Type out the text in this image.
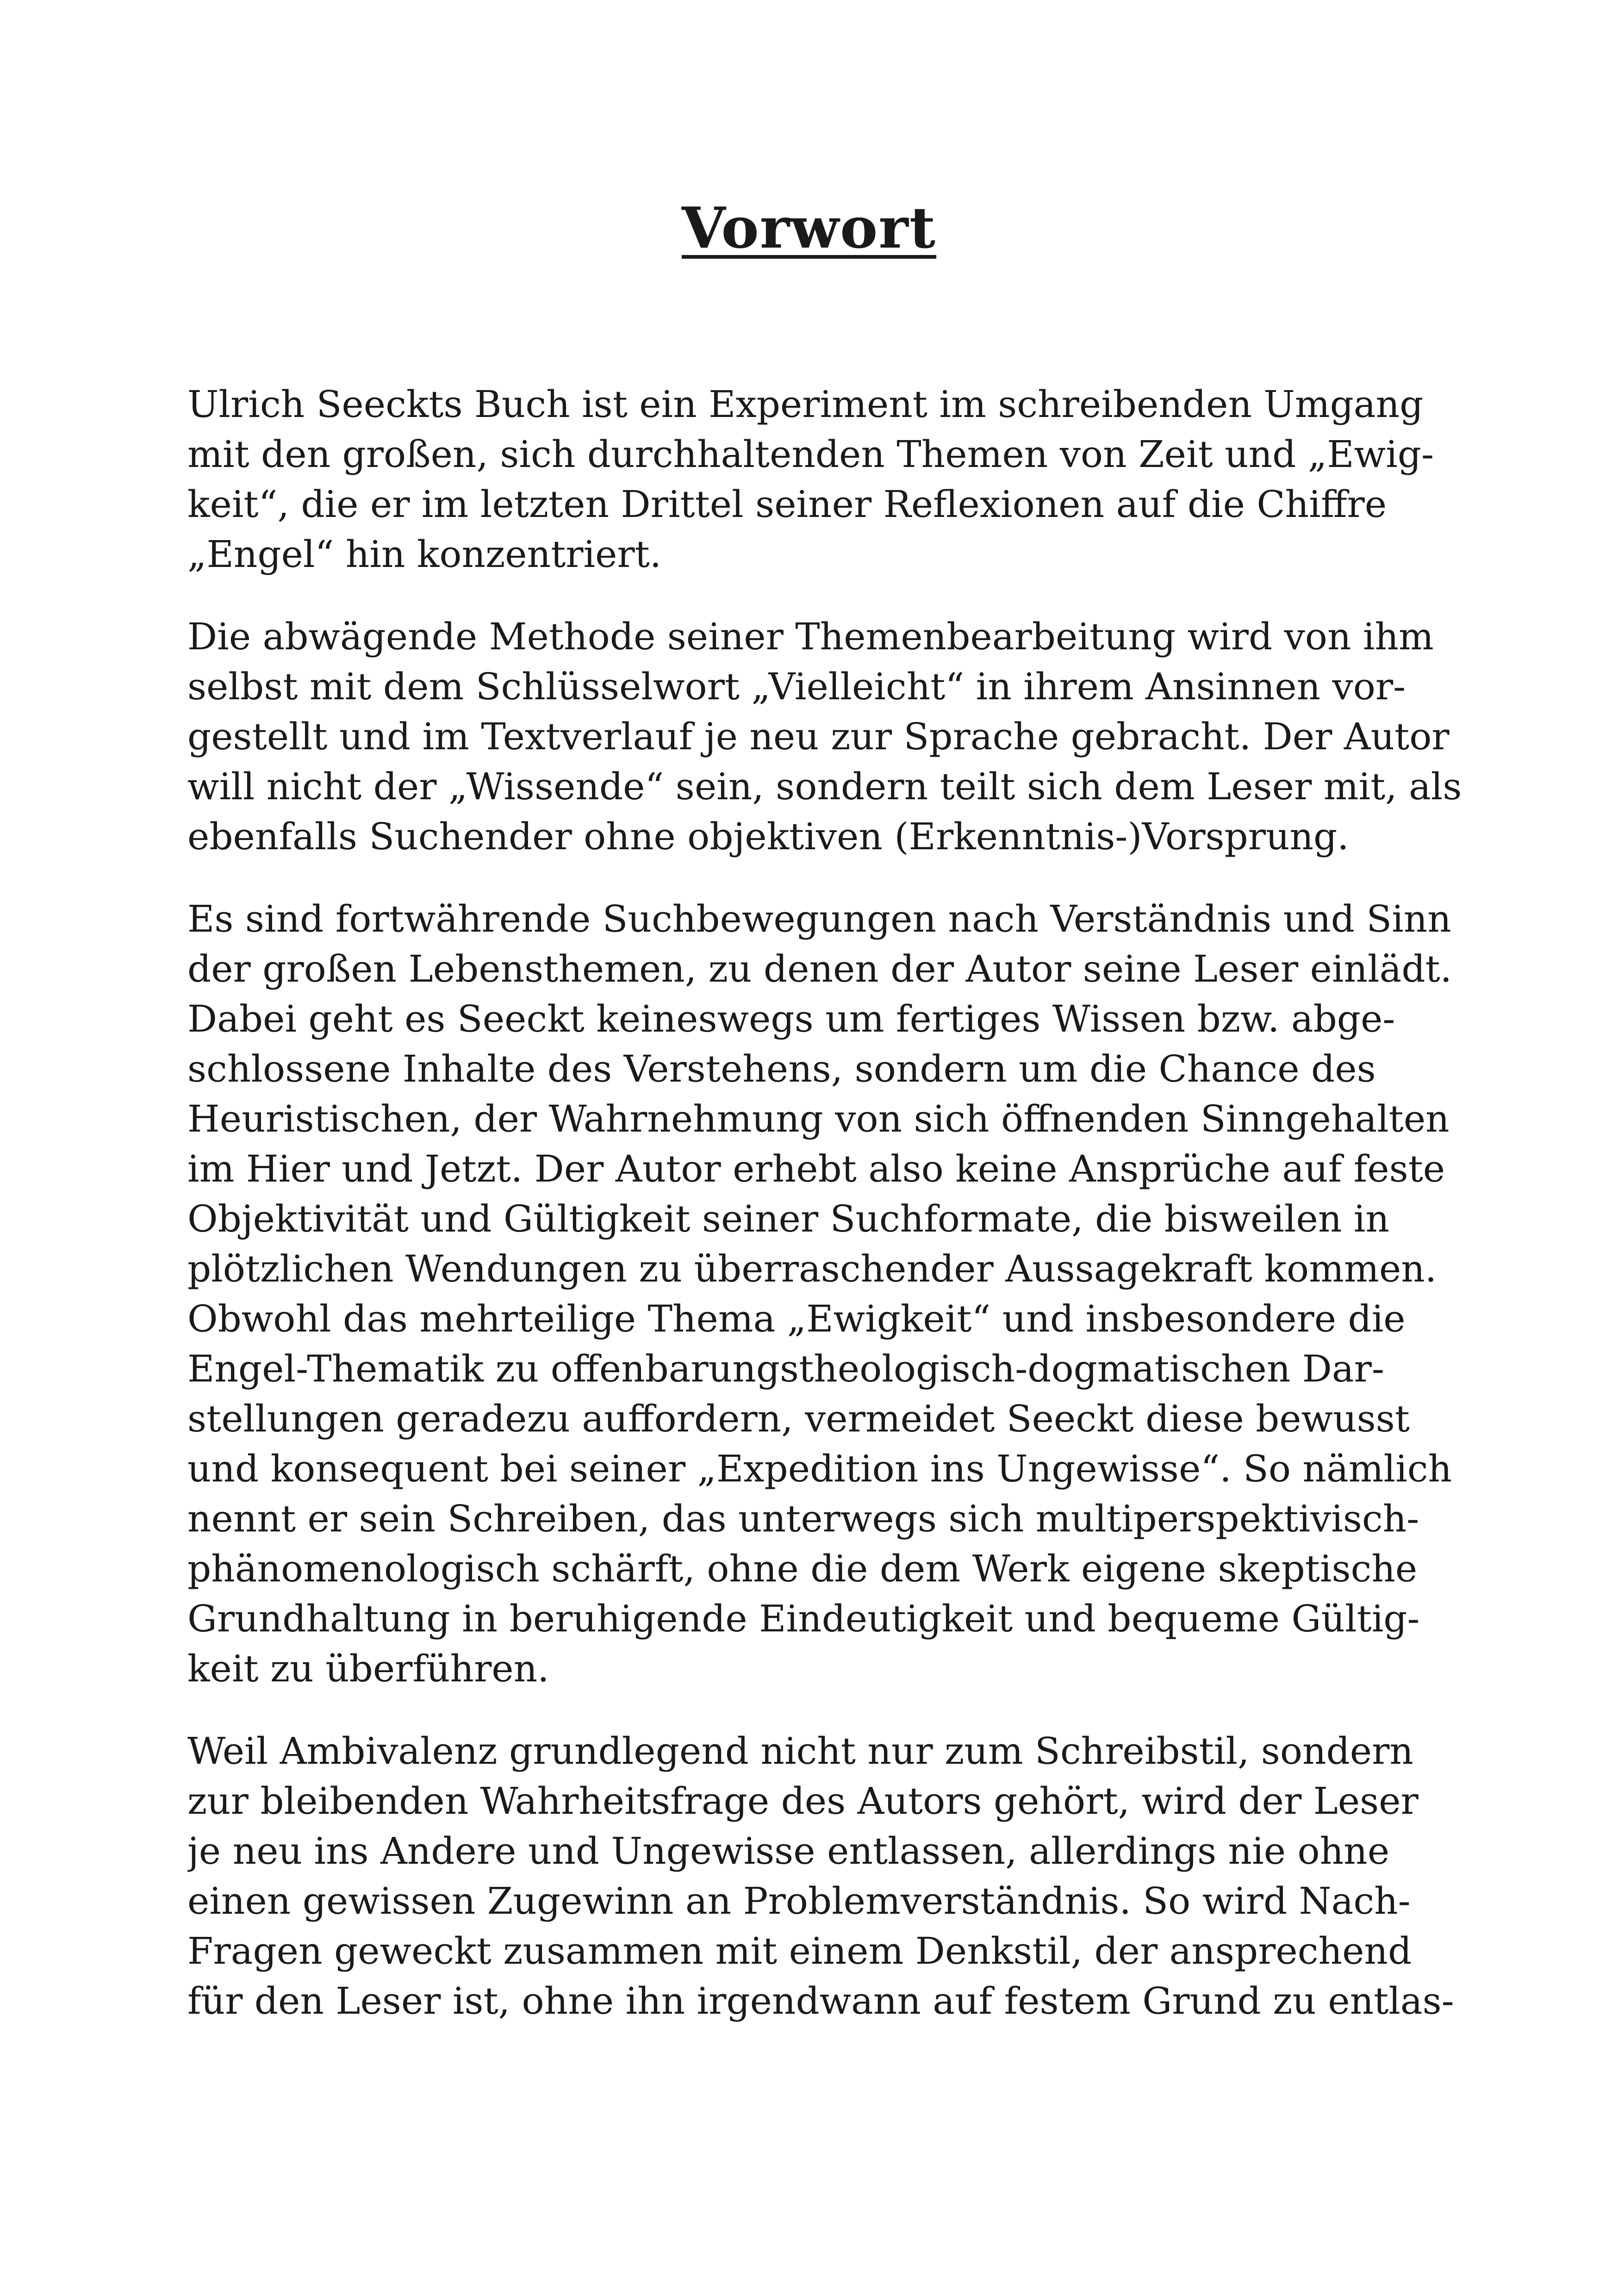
Vorwort

Ulrich Seeckts Buch ist ein Experiment im schreibenden Umgang
mit den großen, sich durchhaltenden Themen von Zeit und „Ewig-
keit“, die er im letzten Drittel seiner Reflexionen auf die Chiffre
„Engel“ hin konzentriert.

Die abwägende Methode seiner Themenbearbeitung wird von ihm
selbst mit dem Schlüsselwort „Vielleicht“ in ihrem Ansinnen vor-
gestellt und im Textverlauf je neu zur Sprache gebracht. Der Autor
will nicht der „Wissende“ sein, sondern teilt sich dem Leser mit, als
ebenfalls Suchender ohne objektiven (Erkenntnis-)Vorsprung.

Es sind fortwährende Suchbewegungen nach Verständnis und Sinn
der großen Lebensthemen, zu denen der Autor seine Leser einlädt.
Dabei geht es Seeckt keineswegs um fertiges Wissen bzw. abge-
schlossene Inhalte des Verstehens, sondern um die Chance des
Heuristischen, der Wahrnehmung von sich öffnenden Sinngehalten
im Hier und Jetzt. Der Autor erhebt also keine Ansprüche auf feste
Objektivität und Gültigkeit seiner Suchformate, die bisweilen in
plötzlichen Wendungen zu überraschender Aussagekraft kommen.
Obwohl das mehrteilige Thema „Ewigkeit“ und insbesondere die
Engel-Thematik zu offenbarungstheologisch-dogmatischen Dar-
stellungen geradezu auffordern, vermeidet Seeckt diese bewusst
und konsequent bei seiner „Expedition ins Ungewisse“. So nämlich
nennt er sein Schreiben, das unterwegs sich multiperspektivisch-
phänomenologisch schärft, ohne die dem Werk eigene skeptische
Grundhaltung in beruhigende Eindeutigkeit und bequeme Gültig-
keit zu überführen.

Weil Ambivalenz grundlegend nicht nur zum Schreibstil, sondern
zur bleibenden Wahrheitsfrage des Autors gehört, wird der Leser
je neu ins Andere und Ungewisse entlassen, allerdings nie ohne
einen gewissen Zugewinn an Problemverständnis. So wird Nach-
Fragen geweckt zusammen mit einem Denkstil, der ansprechend
für den Leser ist, ohne ihn irgendwann auf festem Grund zu entlas-
